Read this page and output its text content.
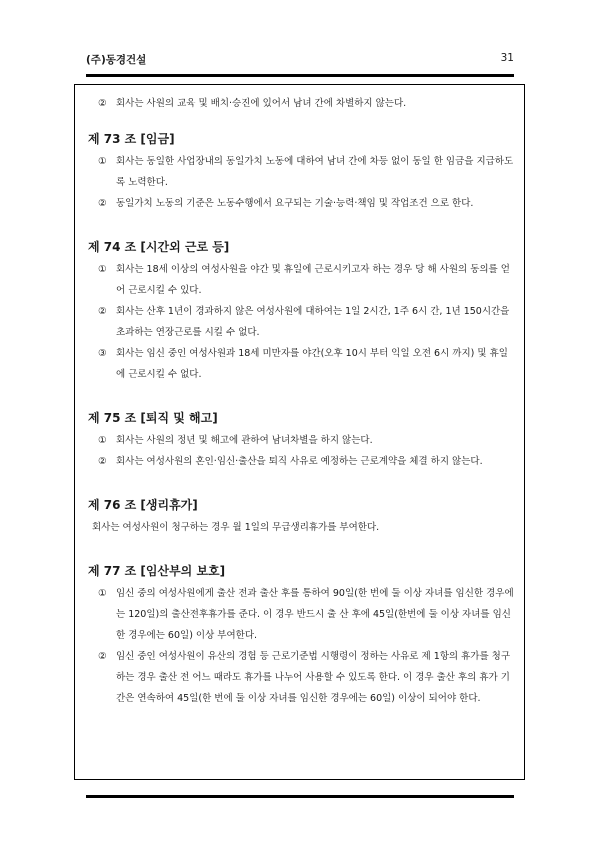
(주)동경건설	31

② 회사는 사원의 교육 및 배치·승진에 있어서 남녀 간에 차별하지 않는다.

제 73 조 [임금]

① 회사는 동일한 사업장내의 동일가치 노동에 대하여 남녀 간에 차등 없이 동일 한 임금을 지급하도록 노력한다.

② 동일가치 노동의 기준은 노동수행에서 요구되는 기술·능력·책임 및 작업조건 으로 한다.

제 74 조 [시간외 근로 등]

① 회사는 18세 이상의 여성사원을 야간 및 휴일에 근로시키고자 하는 경우 당 해 사원의 동의를 얻어 근로시킬 수 있다.

② 회사는 산후 1년이 경과하지 않은 여성사원에 대하여는 1일 2시간, 1주 6시 간, 1년 150시간을 초과하는 연장근로를 시킬 수 없다.

③ 회사는 임신 중인 여성사원과 18세 미만자를 야간(오후 10시 부터 익일 오전 6시 까지) 및 휴일에 근로시킬 수 없다.

제 75 조 [퇴직 및 해고]

① 회사는 사원의 정년 및 해고에 관하여 남녀차별을 하지 않는다.

② 회사는 여성사원의 혼인·임신·출산을 퇴직 사유로 예정하는 근로계약을 체결 하지 않는다.

제 76 조 [생리휴가]

회사는 여성사원이 청구하는 경우 월 1일의 무급생리휴가를 부여한다.

제 77 조 [임산부의 보호]

① 임신 중의 여성사원에게 출산 전과 출산 후를 통하여 90일(한 번에 둘 이상 자녀를 임신한 경우에는 120일)의 출산전후휴가를 준다. 이 경우 반드시 출 산 후에 45일(한번에 둘 이상 자녀를 임신한 경우에는 60일) 이상 부여한다.

② 임신 중인 여성사원이 유산의 경험 등 근로기준법 시행령이 정하는 사유로 제 1항의 휴가를 청구하는 경우 출산 전 어느 때라도 휴가를 나누어 사용할 수 있도록 한다. 이 경우 출산 후의 휴가 기간은 연속하여 45일(한 번에 둘 이상 자녀를 임신한 경우에는 60일) 이상이 되어야 한다.
